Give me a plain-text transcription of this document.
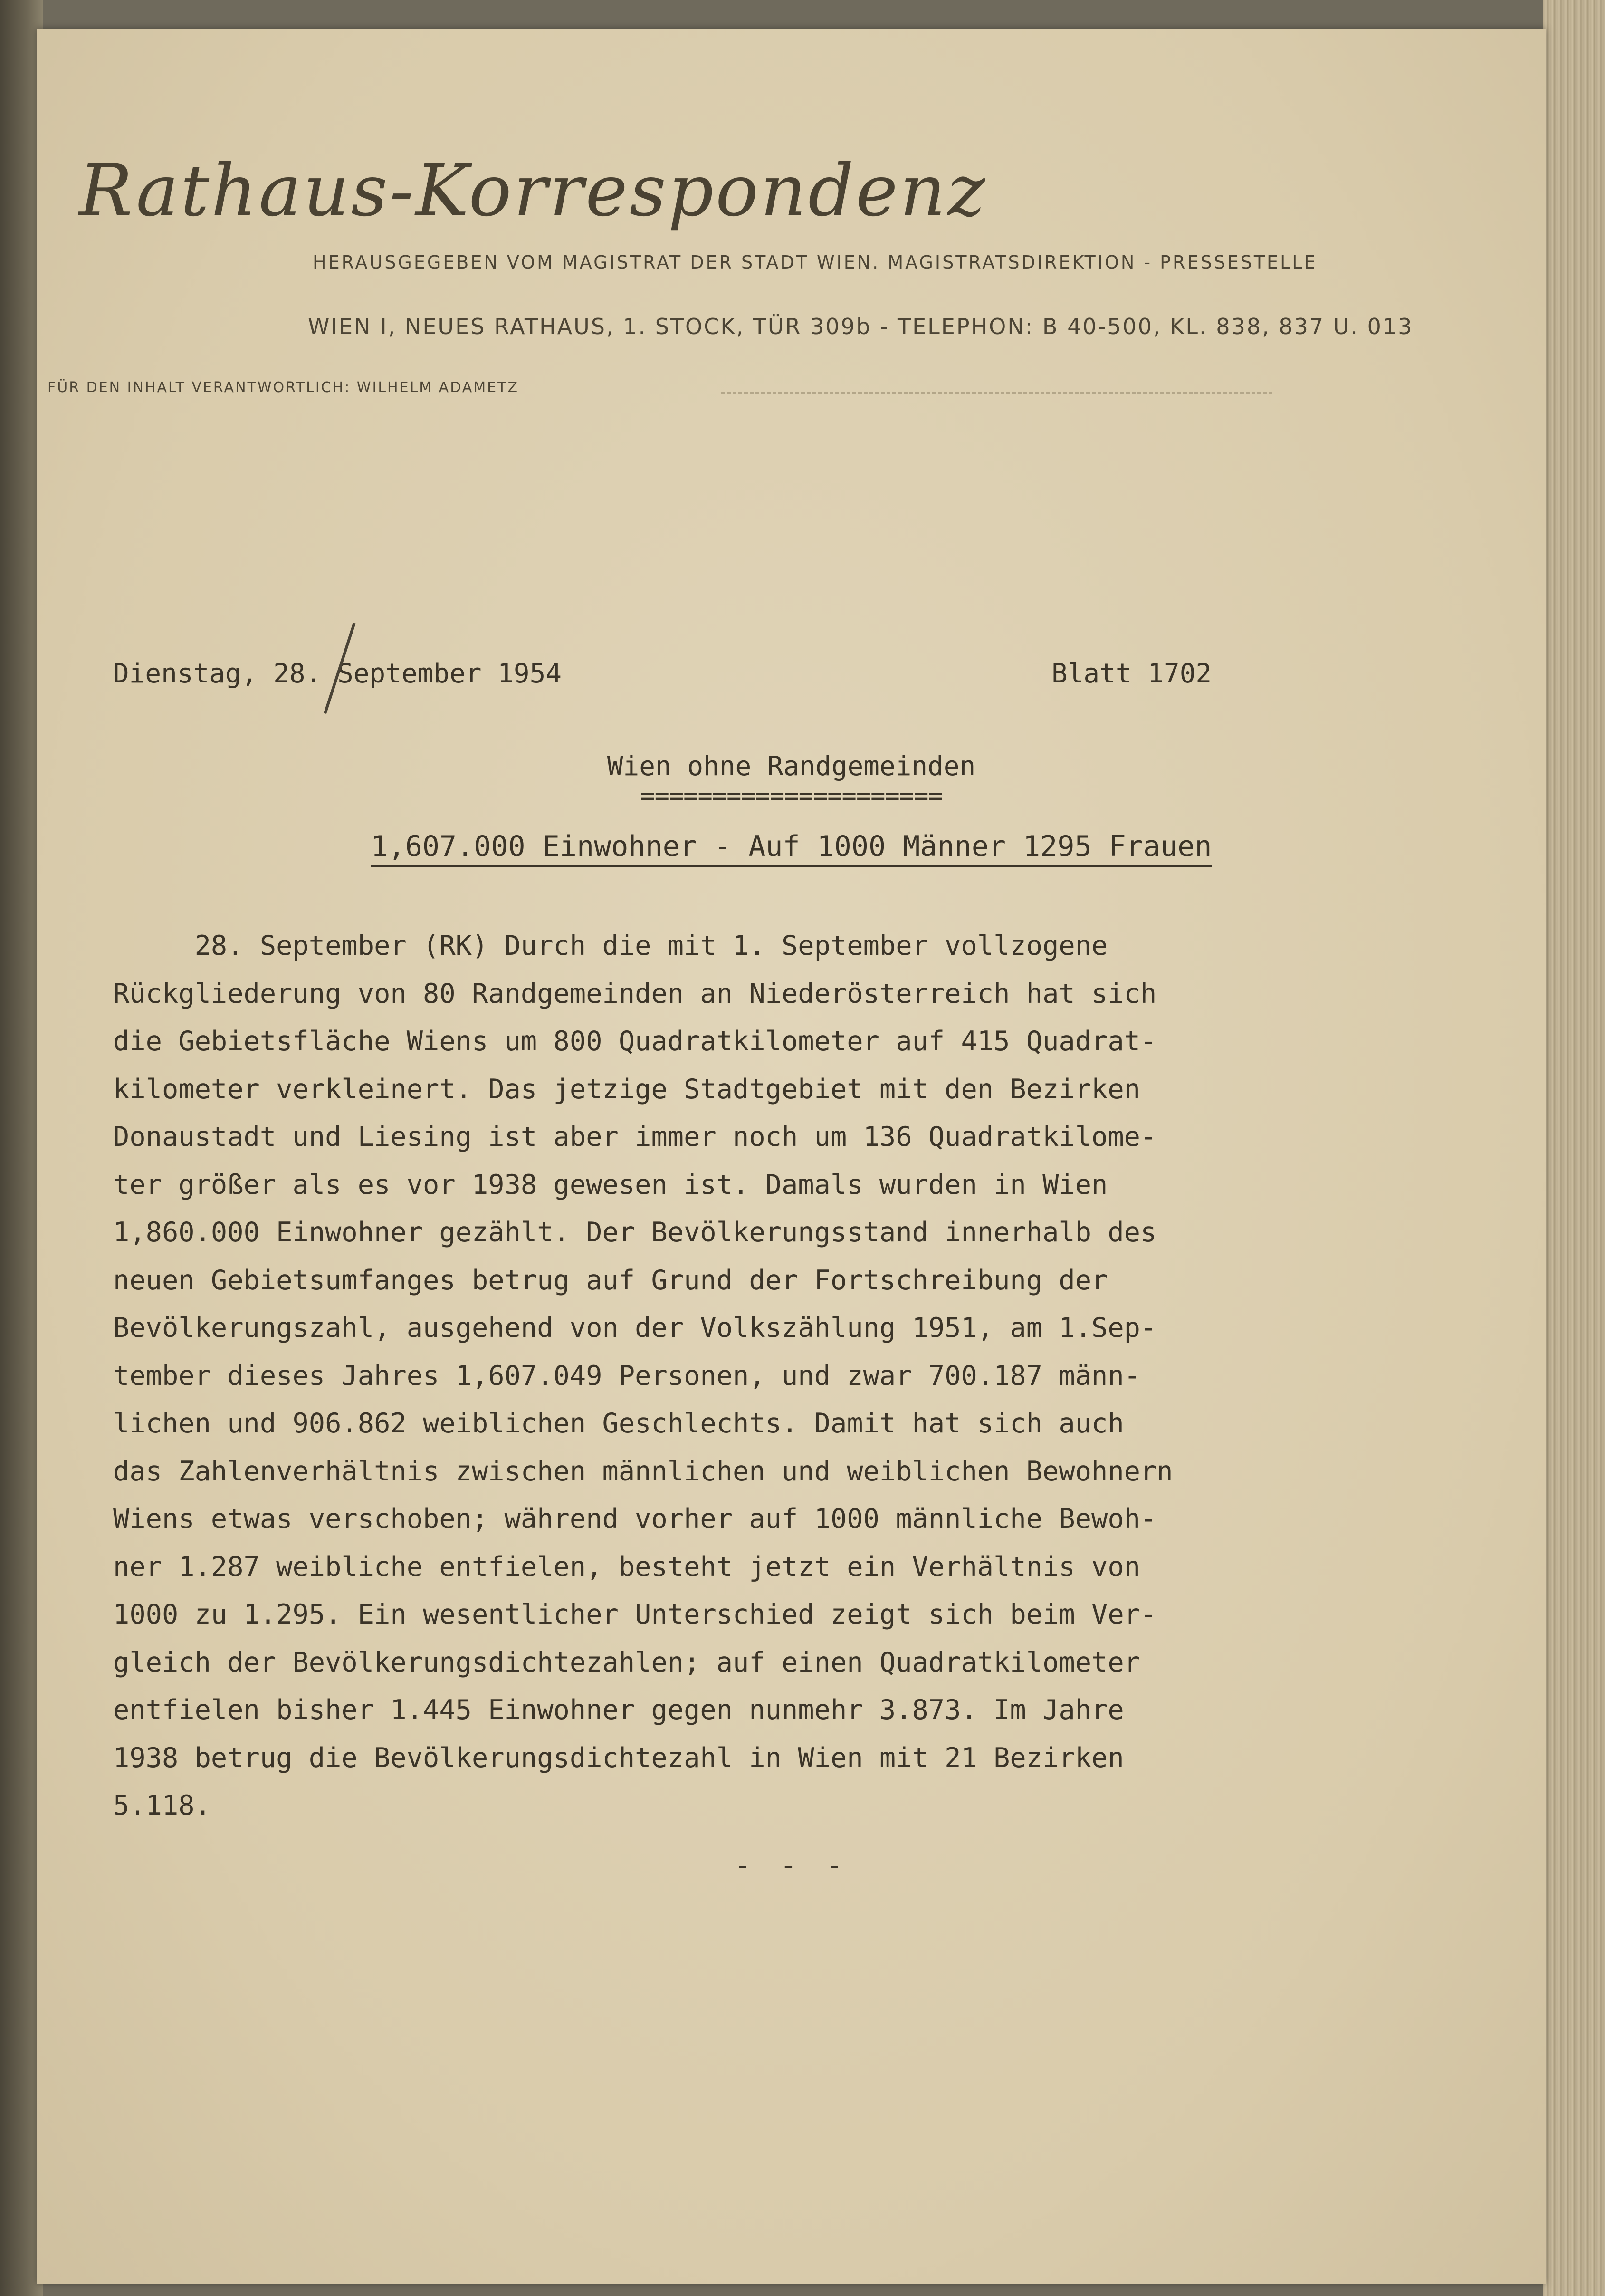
Rathaus-Korrespondenz
HERAUSGEGEBEN VOM MAGISTRAT DER STADT WIEN. MAGISTRATSDIREKTION - PRESSESTELLE
WIEN I, NEUES RATHAUS, 1. STOCK, TÜR 309b - TELEPHON: B 40-500, KL. 838, 837 U. 013
FÜR DEN INHALT VERANTWORTLICH: WILHELM ADAMETZ
Dienstag, 28. September 1954	Blatt 1702
Wien ohne Randgemeinden
=====================
1,607.000 Einwohner - Auf 1000 Männer 1295 Frauen
28. September (RK) Durch die mit 1. September vollzogene
Rückgliederung von 80 Randgemeinden an Niederösterreich hat sich
die Gebietsfläche Wiens um 800 Quadratkilometer auf 415 Quadrat-
kilometer verkleinert. Das jetzige Stadtgebiet mit den Bezirken
Donaustadt und Liesing ist aber immer noch um 136 Quadratkilome-
ter größer als es vor 1938 gewesen ist. Damals wurden in Wien
1,860.000 Einwohner gezählt. Der Bevölkerungsstand innerhalb des
neuen Gebietsumfanges betrug auf Grund der Fortschreibung der
Bevölkerungszahl, ausgehend von der Volkszählung 1951, am 1.Sep-
tember dieses Jahres 1,607.049 Personen, und zwar 700.187 männ-
lichen und 906.862 weiblichen Geschlechts. Damit hat sich auch
das Zahlenverhältnis zwischen männlichen und weiblichen Bewohnern
Wiens etwas verschoben; während vorher auf 1000 männliche Bewoh-
ner 1.287 weibliche entfielen, besteht jetzt ein Verhältnis von
1000 zu 1.295. Ein wesentlicher Unterschied zeigt sich beim Ver-
gleich der Bevölkerungsdichtezahlen; auf einen Quadratkilometer
entfielen bisher 1.445 Einwohner gegen nunmehr 3.873. Im Jahre
1938 betrug die Bevölkerungsdichtezahl in Wien mit 21 Bezirken
5.118.
- - -
